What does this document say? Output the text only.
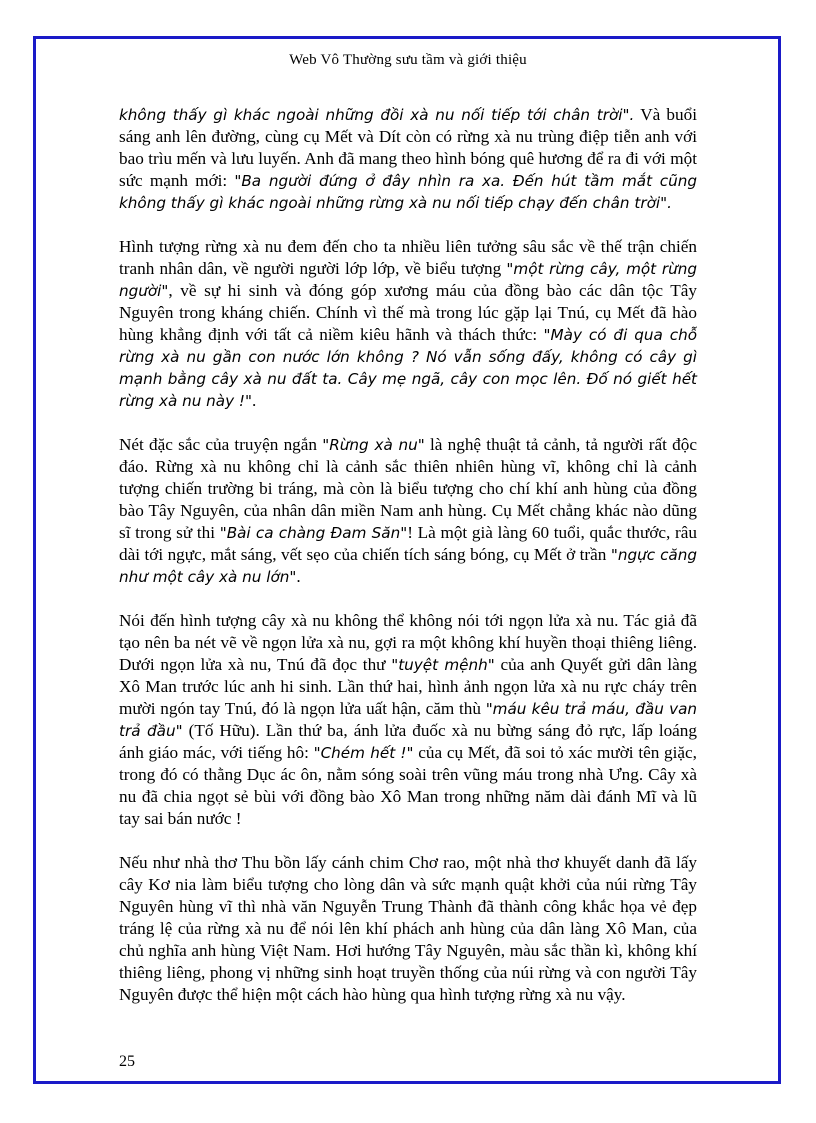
Web Vô Thường sưu tầm và giới thiệu

không thấy gì khác ngoài những đồi xà nu nối tiếp tới chân trời". Và buổi sáng anh lên đường, cùng cụ Mết và Dít còn có rừng xà nu trùng điệp tiễn anh với bao trìu mến và lưu luyến. Anh đã mang theo hình bóng quê hương để ra đi với một sức mạnh mới: "Ba người đứng ở đây nhìn ra xa. Đến hút tầm mắt cũng không thấy gì khác ngoài những rừng xà nu nối tiếp chạy đến chân trời".

Hình tượng rừng xà nu đem đến cho ta nhiều liên tưởng sâu sắc về thế trận chiến tranh nhân dân, về người người lớp lớp, về biểu tượng "một rừng cây, một rừng người", về sự hi sinh và đóng góp xương máu của đồng bào các dân tộc Tây Nguyên trong kháng chiến. Chính vì thế mà trong lúc gặp lại Tnú, cụ Mết đã hào hùng khẳng định với tất cả niềm kiêu hãnh và thách thức: "Mày có đi qua chỗ rừng xà nu gần con nước lớn không ? Nó vẫn sống đấy, không có cây gì mạnh bằng cây xà nu đất ta. Cây mẹ ngã, cây con mọc lên. Đố nó giết hết rừng xà nu này !".

Nét đặc sắc của truyện ngắn "Rừng xà nu" là nghệ thuật tả cảnh, tả người rất độc đáo. Rừng xà nu không chỉ là cảnh sắc thiên nhiên hùng vĩ, không chỉ là cảnh tượng chiến trường bi tráng, mà còn là biểu tượng cho chí khí anh hùng của đồng bào Tây Nguyên, của nhân dân miền Nam anh hùng. Cụ Mết chẳng khác nào dũng sĩ trong sử thi "Bài ca chàng Đam Săn"! Là một già làng 60 tuổi, quắc thước, râu dài tới ngực, mắt sáng, vết sẹo của chiến tích sáng bóng, cụ Mết ở trần "ngực căng như một cây xà nu lớn".

Nói đến hình tượng cây xà nu không thể không nói tới ngọn lửa xà nu. Tác giả đã tạo nên ba nét vẽ về ngọn lửa xà nu, gợi ra một không khí huyền thoại thiêng liêng. Dưới ngọn lửa xà nu, Tnú đã đọc thư "tuyệt mệnh" của anh Quyết gửi dân làng Xô Man trước lúc anh hi sinh. Lần thứ hai, hình ảnh ngọn lửa xà nu rực cháy trên mười ngón tay Tnú, đó là ngọn lửa uất hận, căm thù "máu kêu trả máu, đầu van trả đầu" (Tố Hữu). Lần thứ ba, ánh lửa đuốc xà nu bừng sáng đỏ rực, lấp loáng ánh giáo mác, với tiếng hô: "Chém hết !" của cụ Mết, đã soi tỏ xác mười tên giặc, trong đó có thằng Dục ác ôn, nằm sóng soài trên vũng máu trong nhà Ưng. Cây xà nu đã chia ngọt sẻ bùi với đồng bào Xô Man trong những năm dài đánh Mĩ và lũ tay sai bán nước !

Nếu như nhà thơ Thu bồn lấy cánh chim Chơ rao, một nhà thơ khuyết danh đã lấy cây Kơ nia làm biểu tượng cho lòng dân và sức mạnh quật khởi của núi rừng Tây Nguyên hùng vĩ thì nhà văn Nguyễn Trung Thành đã thành công khắc họa vẻ đẹp tráng lệ của rừng xà nu để nói lên khí phách anh hùng của dân làng Xô Man, của chủ nghĩa anh hùng Việt Nam. Hơi hướng Tây Nguyên, màu sắc thần kì, không khí thiêng liêng, phong vị những sinh hoạt truyền thống của núi rừng và con người Tây Nguyên được thể hiện một cách hào hùng qua hình tượng rừng xà nu vậy.

25
